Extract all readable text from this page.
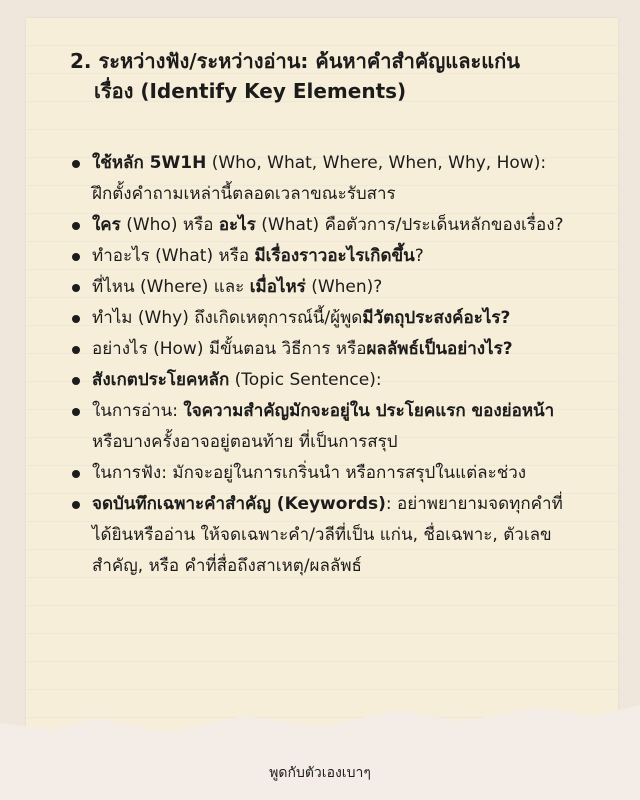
2. ระหว่างฟัง/ระหว่างอ่าน: ค้นหาคำสำคัญและแก่น
เรื่อง (Identify Key Elements)
ใช้หลัก 5W1H (Who, What, Where, When, Why, How): ฝึกตั้งคำถามเหล่านี้ตลอดเวลาขณะรับสาร
ใคร (Who) หรือ อะไร (What) คือตัวการ/ประเด็นหลักของเรื่อง?
ทำอะไร (What) หรือ มีเรื่องราวอะไรเกิดขึ้น?
ที่ไหน (Where) และ เมื่อไหร่ (When)?
ทำไม (Why) ถึงเกิดเหตุการณ์นี้/ผู้พูดมีวัตถุประสงค์อะไร?
อย่างไร (How) มีขั้นตอน วิธีการ หรือผลลัพธ์เป็นอย่างไร?
สังเกตประโยคหลัก (Topic Sentence):
ในการอ่าน: ใจความสำคัญมักจะอยู่ใน ประโยคแรก ของย่อหน้า หรือบางครั้งอาจอยู่ตอนท้าย ที่เป็นการสรุป
ในการฟัง: มักจะอยู่ในการเกริ่นนำ หรือการสรุปในแต่ละช่วง
จดบันทึกเฉพาะคำสำคัญ (Keywords): อย่าพยายามจดทุกคำที่ได้ยินหรืออ่าน ให้จดเฉพาะคำ/วลีที่เป็น แก่น, ชื่อเฉพาะ, ตัวเลขสำคัญ, หรือ คำที่สื่อถึงสาเหตุ/ผลลัพธ์
พูดกับตัวเองเบาๆ
